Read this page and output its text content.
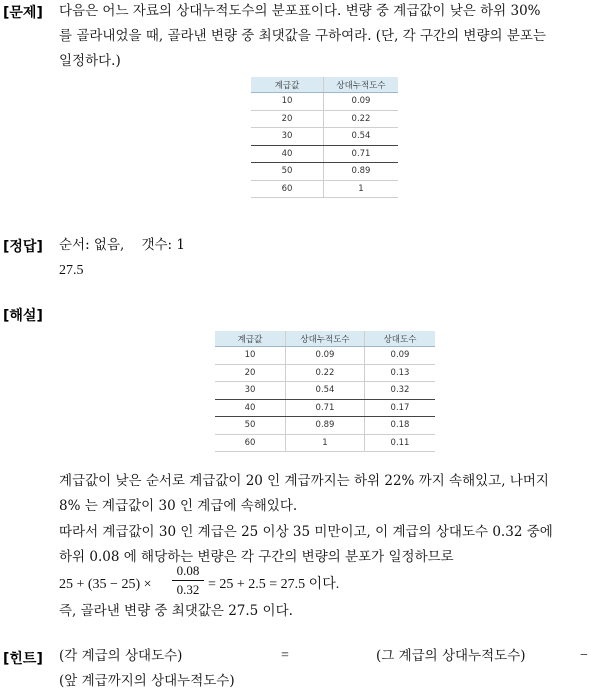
[문제] 다음은 어느 자료의 상대누적도수의 분포표이다. 변량 중 계급값이 낮은 하위 30%
를 골라내었을 때, 골라낸 변량 중 최댓값을 구하여라. (단, 각 구간의 변량의 분포는
일정하다.)
계급값	상대누적도수
10	0.09
20	0.22
30	0.54
40	0.71
50	0.89
60	1
[정답] 순서: 없음,    갯수: 1
27.5
[해설]
계급값	상대누적도수	상대도수
10	0.09	0.09
20	0.22	0.13
30	0.54	0.32
40	0.71	0.17
50	0.89	0.18
60	1	0.11
계급값이 낮은 순서로 계급값이 20 인 계급까지는 하위 22% 까지 속해있고, 나머지
8% 는 계급값이 30 인 계급에 속해있다.
따라서 계급값이 30 인 계급은 25 이상 35 미만이고, 이 계급의 상대도수 0.32 중에
하위 0.08 에 해당하는 변량은 각 구간의 변량의 분포가 일정하므로
25 + (35 − 25) ×
0.08
0.32 = 25 + 2.5 = 27.5 이다.
즉, 골라낸 변량 중 최댓값은 27.5 이다.
[힌트] (각 계급의 상대도수)	=	(그 계급의 상대누적도수)	−
(앞 계급까지의 상대누적도수)
